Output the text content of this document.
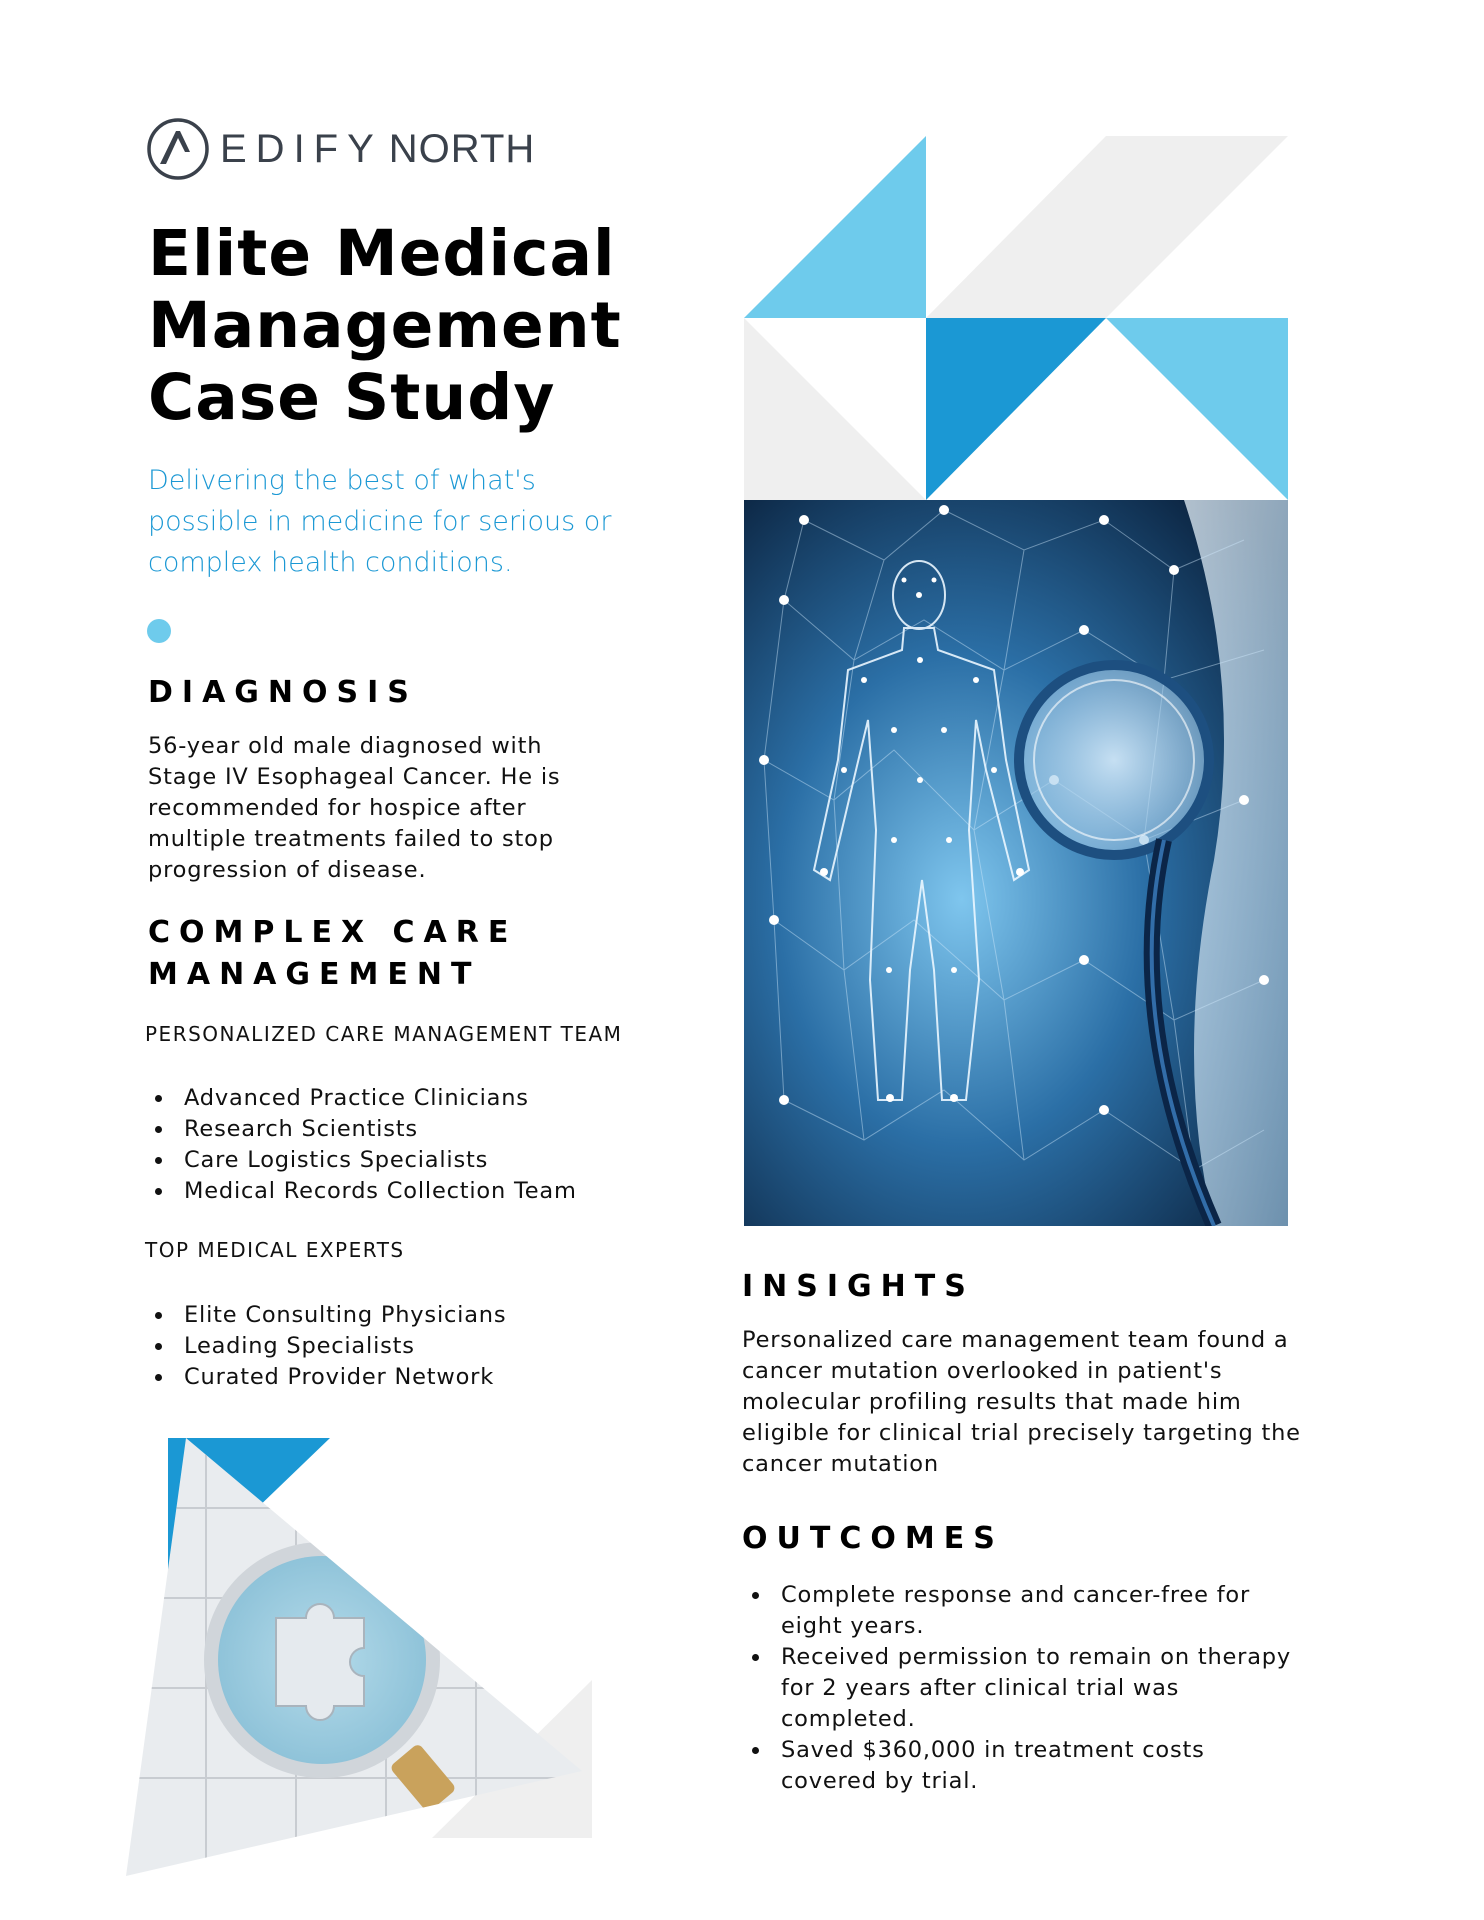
EDIFY NORTH
Elite Medical Management Case Study

Delivering the best of what's possible in medicine for serious or complex health conditions.

DIAGNOSIS

56-year old male diagnosed with Stage IV Esophageal Cancer. He is recommended for hospice after multiple treatments failed to stop progression of disease.

COMPLEX CARE MANAGEMENT

PERSONALIZED CARE MANAGEMENT TEAM

Advanced Practice Clinicians
Research Scientists
Care Logistics Specialists
Medical Records Collection Team

TOP MEDICAL EXPERTS

Elite Consulting Physicians
Leading Specialists
Curated Provider Network
INSIGHTS

Personalized care management team found a cancer mutation overlooked in patient's molecular profiling results that made him eligible for clinical trial precisely targeting the cancer mutation

OUTCOMES
Complete response and cancer-free for eight years.
Received permission to remain on therapy for 2 years after clinical trial was completed.
Saved $360,000 in treatment costs covered by trial.
